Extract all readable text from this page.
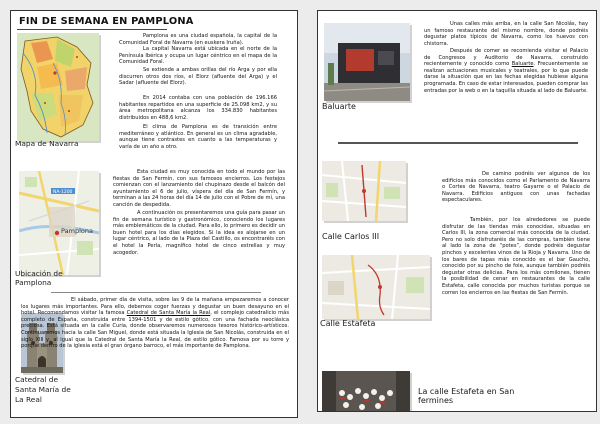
FIN DE SEMANA EN PAMPLONA
Mapa de Navarra

Pamplona es una ciudad española, la capital de la Comunidad Foral de Navarra (en euskera Iruña).

La capital Navarra está ubicada en el norte de la Península Ibérica y ocupa un lugar céntrico en el mapa de la Comunidad Foral.

Se extiende a ambas orillas del río Arga y por ella discurren otros dos ríos, el Elorz (afluente del Arga) y el Sadar (afluente del Elorz).

En 2014 contaba con una población de 196.166 habitantes repartidos en una superficie de 25.098 km2, y su área metropolitana alcanza los 334.830 habitantes distribuidos en 488,6 km2.

El clima de Pamplona es de transición entre mediterráneo y atlántico. En general es un clima agradable, aunque tiene contrastes en cuanto a las temperaturas y varía de un año a otro.

NA-1200
Pamplona
Ubicación de Pamplona

Esta ciudad es muy conocida en todo el mundo por las fiestas de San Fermín, con sus famosos encierros. Los festejos comienzan con el lanzamiento del chupinazo desde el balcón del ayuntamiento el 6 de julio, víspera del día de San Fermín, y terminan a las 24 horas del día 14 de julio con el Pobre de mí, una canción de despedida.

A continuación os presentaremos una guía para pasar un fin de semana turístico y gastronómico, conociendo los lugares más emblemáticos de la ciudad. Para ello, lo primero es decidir un buen hotel para los días elegidos. Si la idea es alojarse en un lugar céntrico, al lado de la Plaza del Castillo, os encontraréis con el hotel la Perla, magnífico hotel de cinco estrellas y muy acogedor.

Catedral de Santa María de La Real

El sábado, primer día de visita, sobre las 9 de la mañana empezaremos a conocer los lugares más importantes. Para ello, debemos coger fuerzas y degustar un buen desayuno en el hotel. Recomendamos visitar la famosa Catedral de Santa María la Real, el complejo catedralicio más completo de España, construida entre 1394-1501 y de estilo gótico, con una fachada neoclásica preciosa. Está situada en la calle Curia, donde observaremos numerosos tesoros histórico-artísticos. Continuaremos hacia la calle San Miguel, donde está situada la Iglesia de San Nicolás, construida en el siglo XIII y, al igual que la Catedral de Santa María la Real, de estilo gótico. Famosa por su torre y porque dentro de la iglesia está el gran órgano barroco, el más importante de Pamplona.

Baluarte

Unas calles más arriba, en la calle San Nicolás, hay un famoso restaurante del mismo nombre, donde podréis degustar platos típicos de Navarra, como los huevos con chistorra.

Después de comer se recomienda visitar el Palacio de Congresos y Auditorio de Navarra, construido recientemente y conocido como Baluarte. Frecuentemente se realizan actuaciones musicales y teatrales, por lo que puede darse la situación que en las fechas elegidas hubiese alguna programada. En caso de estar interesados, pueden comprar las entradas por la web o en la taquilla situada al lado de Baluarte.

Calle Carlos III
Calle Estafeta
La calle Estafeta en San fermines

De camino podréis ver algunos de los edificios más conocidos como el Parlamento de Navarra o Cortes de Navarra, teatro Gayarre o el Palacio de Navarra. Edificios antiguos con unas fachadas espectaculares.

También, por los alrededores se puede disfrutar de las tiendas más conocidas, situadas en Carlos III, la zona comercial más conocida de la ciudad. Pero no solo disfrutaréis de las compras, también tiene al lado la zona de “potes”, donde podréis degustar pinchos y excelentes vinos de la Rioja y Navarra. Uno de los bares de tapas más conocido es el bar Gaucho, conocido por su pincho de foie, aunque también podréis degustar otras delicias. Para los más comilones, tienen la posibilidad de cenar en restaurantes de la calle Estafeta, calle conocida por muchos turistas porque se corren los encierros en las fiestas de San Fermín.
